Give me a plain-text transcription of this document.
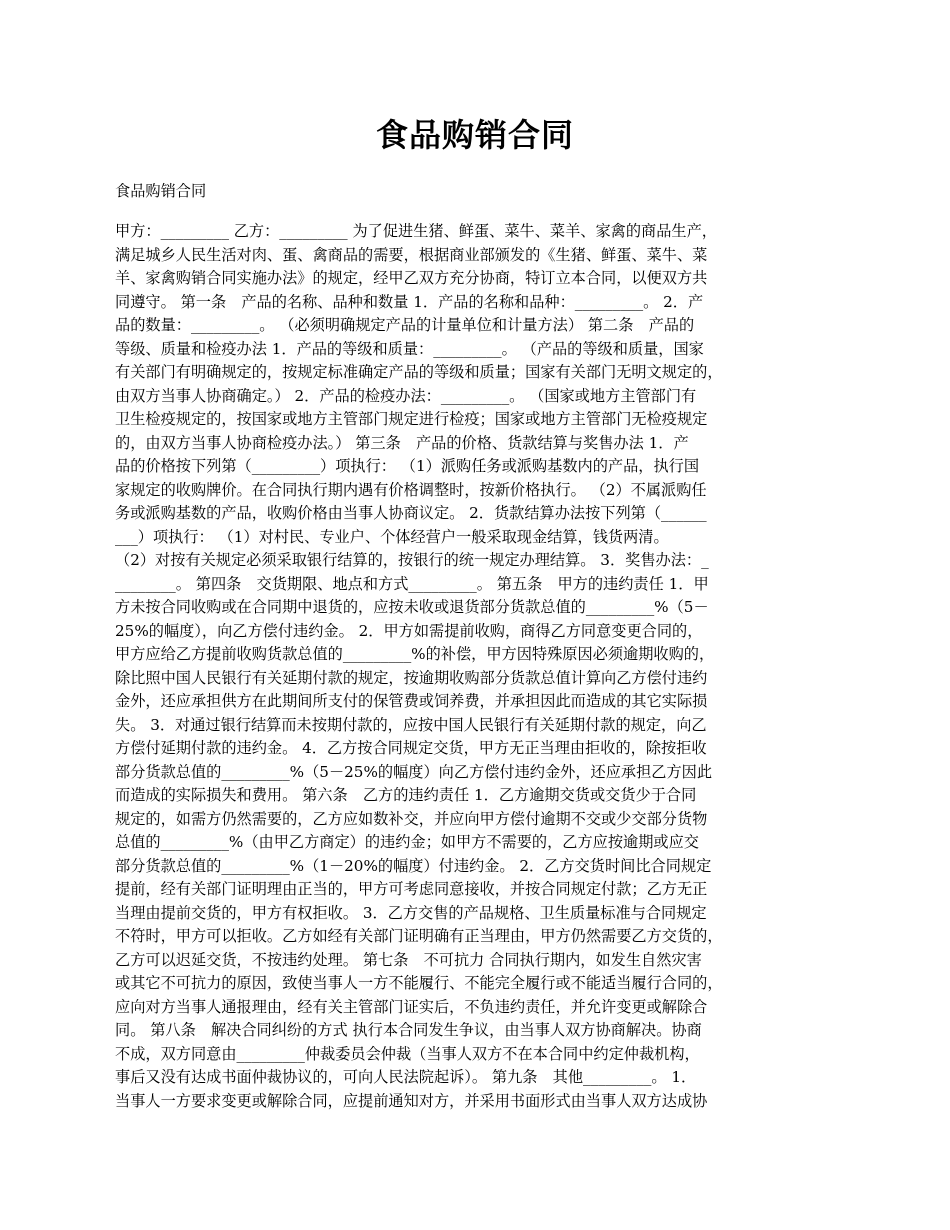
食品购销合同
食品购销合同
甲方：_________ 乙方：_________ 为了促进生猪、鲜蛋、菜牛、菜羊、家禽的商品生产，
满足城乡人民生活对肉、蛋、禽商品的需要，根据商业部颁发的《生猪、鲜蛋、菜牛、菜
羊、家禽购销合同实施办法》的规定，经甲乙双方充分协商，特订立本合同，以便双方共
同遵守。 第一条　产品的名称、品种和数量 1．产品的名称和品种：_________。 2．产
品的数量：_________。 （必须明确规定产品的计量单位和计量方法） 第二条　产品的
等级、质量和检疫办法 1．产品的等级和质量：_________。 （产品的等级和质量，国家
有关部门有明确规定的，按规定标准确定产品的等级和质量；国家有关部门无明文规定的，
由双方当事人协商确定。） 2．产品的检疫办法：_________。 （国家或地方主管部门有
卫生检疫规定的，按国家或地方主管部门规定进行检疫；国家或地方主管部门无检疫规定
的，由双方当事人协商检疫办法。） 第三条　产品的价格、货款结算与奖售办法 1．产
品的价格按下列第（_________）项执行： （1）派购任务或派购基数内的产品，执行国
家规定的收购牌价。在合同执行期内遇有价格调整时，按新价格执行。 （2）不属派购任
务或派购基数的产品，收购价格由当事人协商议定。 2．货款结算办法按下列第（______
___）项执行： （1）对村民、专业户、个体经营户一般采取现金结算，钱货两清。
（2）对按有关规定必须采取银行结算的，按银行的统一规定办理结算。 3．奖售办法：_
________。 第四条　交货期限、地点和方式_________。 第五条　甲方的违约责任 1．甲
方未按合同收购或在合同期中退货的，应按未收或退货部分货款总值的_________%（5－
25%的幅度），向乙方偿付违约金。 2．甲方如需提前收购，商得乙方同意变更合同的，
甲方应给乙方提前收购货款总值的_________%的补偿，甲方因特殊原因必须逾期收购的，
除比照中国人民银行有关延期付款的规定，按逾期收购部分货款总值计算向乙方偿付违约
金外，还应承担供方在此期间所支付的保管费或饲养费，并承担因此而造成的其它实际损
失。 3．对通过银行结算而未按期付款的，应按中国人民银行有关延期付款的规定，向乙
方偿付延期付款的违约金。 4．乙方按合同规定交货，甲方无正当理由拒收的，除按拒收
部分货款总值的_________%（5－25%的幅度）向乙方偿付违约金外，还应承担乙方因此
而造成的实际损失和费用。 第六条　乙方的违约责任 1．乙方逾期交货或交货少于合同
规定的，如需方仍然需要的，乙方应如数补交，并应向甲方偿付逾期不交或少交部分货物
总值的_________%（由甲乙方商定）的违约金；如甲方不需要的，乙方应按逾期或应交
部分货款总值的_________%（1－20%的幅度）付违约金。 2．乙方交货时间比合同规定
提前，经有关部门证明理由正当的，甲方可考虑同意接收，并按合同规定付款；乙方无正
当理由提前交货的，甲方有权拒收。 3．乙方交售的产品规格、卫生质量标准与合同规定
不符时，甲方可以拒收。乙方如经有关部门证明确有正当理由，甲方仍然需要乙方交货的，
乙方可以迟延交货，不按违约处理。 第七条　不可抗力 合同执行期内，如发生自然灾害
或其它不可抗力的原因，致使当事人一方不能履行、不能完全履行或不能适当履行合同的，
应向对方当事人通报理由，经有关主管部门证实后，不负违约责任，并允许变更或解除合
同。 第八条　解决合同纠纷的方式 执行本合同发生争议，由当事人双方协商解决。协商
不成，双方同意由_________仲裁委员会仲裁（当事人双方不在本合同中约定仲裁机构，
事后又没有达成书面仲裁协议的，可向人民法院起诉）。 第九条　其他_________。 1．
当事人一方要求变更或解除合同，应提前通知对方，并采用书面形式由当事人双方达成协
